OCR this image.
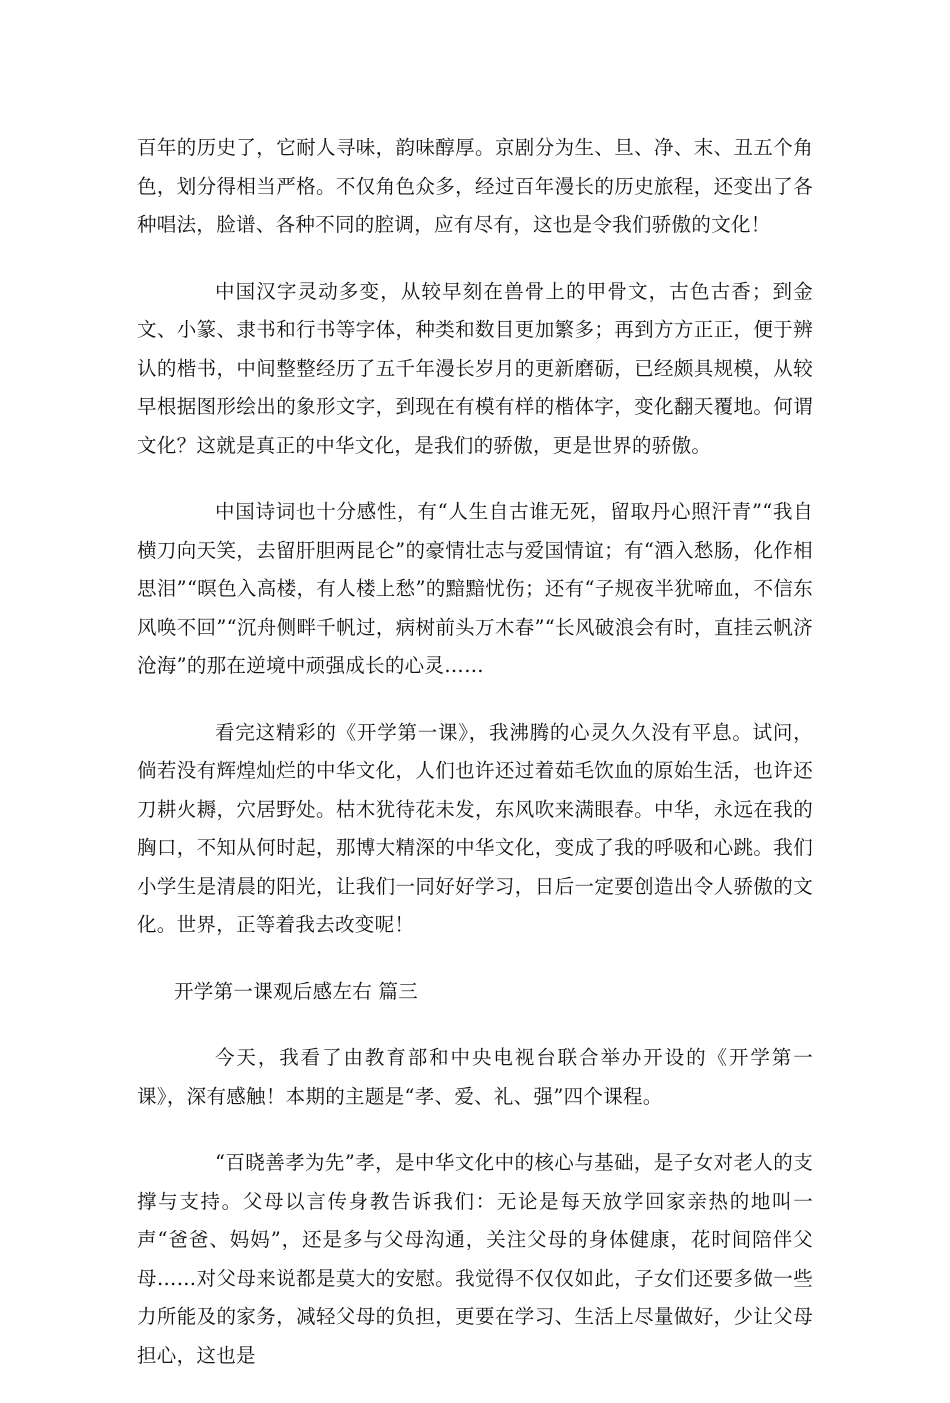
百年的历史了，它耐人寻味，韵味醇厚。京剧分为生、旦、净、末、丑五个角色，划分得相当严格。不仅角色众多，经过百年漫长的历史旅程，还变出了各种唱法，脸谱、各种不同的腔调，应有尽有，这也是令我们骄傲的文化！

中国汉字灵动多变，从较早刻在兽骨上的甲骨文，古色古香；到金文、小篆、隶书和行书等字体，种类和数目更加繁多；再到方方正正，便于辨认的楷书，中间整整经历了五千年漫长岁月的更新磨砺，已经颇具规模，从较早根据图形绘出的象形文字，到现在有模有样的楷体字，变化翻天覆地。何谓文化？这就是真正的中华文化，是我们的骄傲，更是世界的骄傲。

中国诗词也十分感性，有“人生自古谁无死，留取丹心照汗青”“我自横刀向天笑，去留肝胆两昆仑”的豪情壮志与爱国情谊；有“酒入愁肠，化作相思泪”“暝色入高楼，有人楼上愁”的黯黯忧伤；还有“子规夜半犹啼血，不信东风唤不回”“沉舟侧畔千帆过，病树前头万木春”“长风破浪会有时，直挂云帆济沧海”的那在逆境中顽强成长的心灵……

看完这精彩的《开学第一课》，我沸腾的心灵久久没有平息。试问，倘若没有辉煌灿烂的中华文化，人们也许还过着茹毛饮血的原始生活，也许还刀耕火耨，穴居野处。枯木犹待花未发，东风吹来满眼春。中华，永远在我的胸口，不知从何时起，那博大精深的中华文化，变成了我的呼吸和心跳。我们小学生是清晨的阳光，让我们一同好好学习，日后一定要创造出令人骄傲的文化。世界，正等着我去改变呢！

开学第一课观后感左右 篇三

今天，我看了由教育部和中央电视台联合举办开设的《开学第一课》，深有感触！本期的主题是“孝、爱、礼、强”四个课程。

“百晓善孝为先”孝，是中华文化中的核心与基础，是子女对老人的支撑与支持。父母以言传身教告诉我们：无论是每天放学回家亲热的地叫一声“爸爸、妈妈”，还是多与父母沟通，关注父母的身体健康，花时间陪伴父母……对父母来说都是莫大的安慰。我觉得不仅仅如此，子女们还要多做一些力所能及的家务，减轻父母的负担，更要在学习、生活上尽量做好，少让父母担心，这也是
